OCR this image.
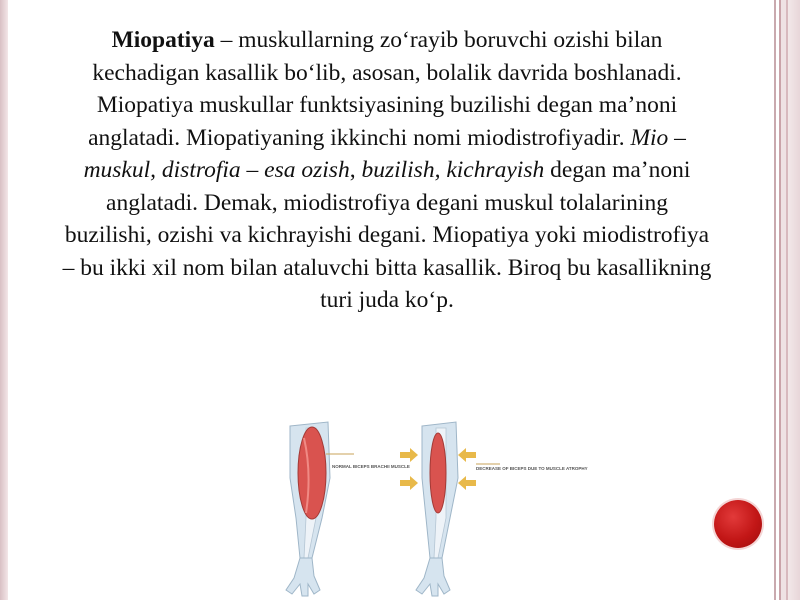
Miopatiya – muskullarning zo‘rayib boruvchi ozishi bilan kechadigan kasallik bo‘lib, asosan, bolalik davrida boshlanadi. Miopatiya muskullar funktsiyasining buzilishi degan ma’noni anglatadi. Miopatiyaning ikkinchi nomi miodistrofiyadir. Mio – muskul, distrofia – esa ozish, buzilish, kichrayish degan ma’noni anglatadi. Demak, miodistrofiya degani muskul tolalarining buzilishi, ozishi va kichrayishi degani. Miopatiya yoki miodistrofiya – bu ikki xil nom bilan ataluvchi bitta kasallik. Biroq bu kasallikning turi juda ko‘p.
NORMAL BICEPS BRACHII MUSCLE	DECREASE OF BICEPS DUE TO MUSCLE ATROPHY
